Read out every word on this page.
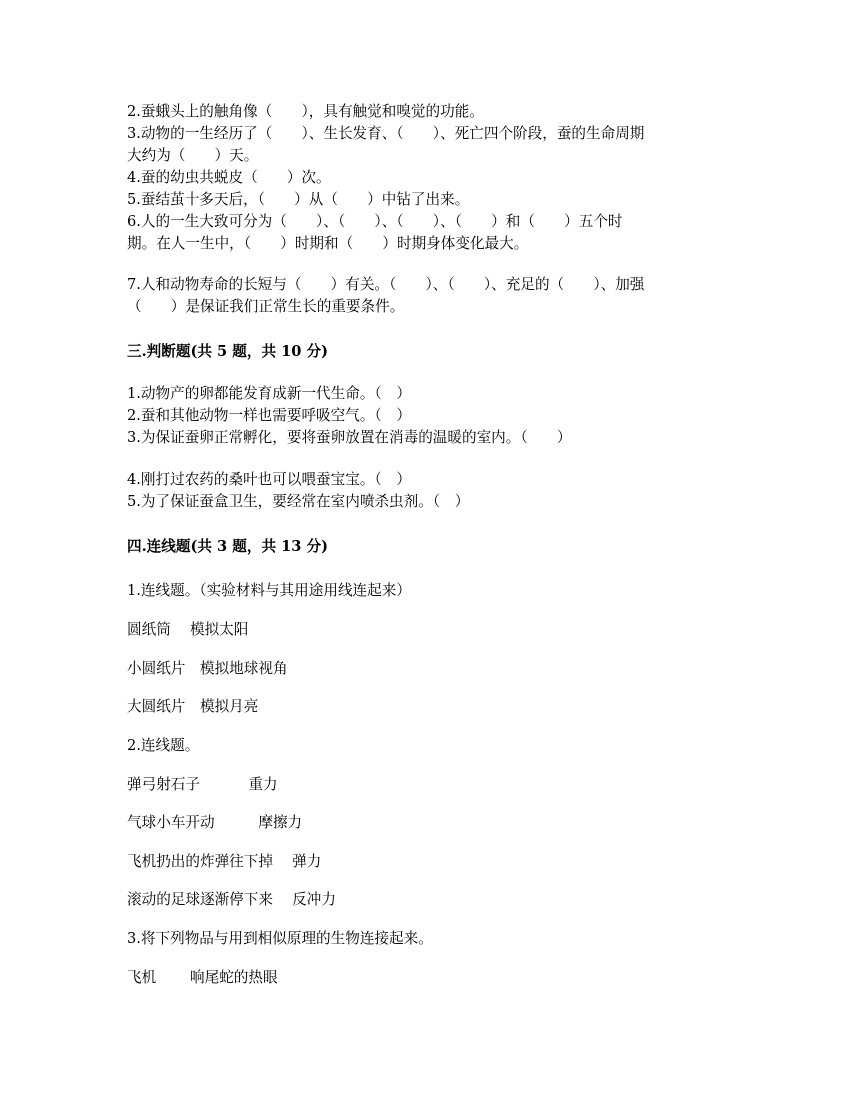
2.蚕蛾头上的触角像（　　），具有触觉和嗅觉的功能。

3.动物的一生经历了（　　）、生长发育、（　　）、死亡四个阶段，蚕的生命周期

大约为（　　）天。

4.蚕的幼虫共蜕皮（　　）次。

5.蚕结茧十多天后，（　　）从（　　）中钻了出来。

6.人的一生大致可分为（　　）、（　　）、（　　）、（　　）和（　　）五个时

期。在人一生中，（　　）时期和（　　）时期身体变化最大。

7.人和动物寿命的长短与（　　）有关。（　　）、（　　）、充足的（　　）、加强

（　　）是保证我们正常生长的重要条件。

三.判断题(共 5 题，共 10 分)

1.动物产的卵都能发育成新一代生命。（　）

2.蚕和其他动物一样也需要呼吸空气。（　）

3.为保证蚕卵正常孵化，要将蚕卵放置在消毒的温暖的室内。（　　）

4.刚打过农药的桑叶也可以喂蚕宝宝。（　）

5.为了保证蚕盒卫生，要经常在室内喷杀虫剂。（　）

四.连线题(共 3 题，共 13 分)

1.连线题。（实验材料与其用途用线连起来）

圆纸筒　 模拟太阳

小圆纸片　模拟地球视角

大圆纸片　模拟月亮

2.连线题。

弹弓射石子　　　 重力

气球小车开动　　　摩擦力

飞机扔出的炸弹往下掉　 弹力

滚动的足球逐渐停下来　 反冲力

3.将下列物品与用到相似原理的生物连接起来。

飞机　　 响尾蛇的热眼
